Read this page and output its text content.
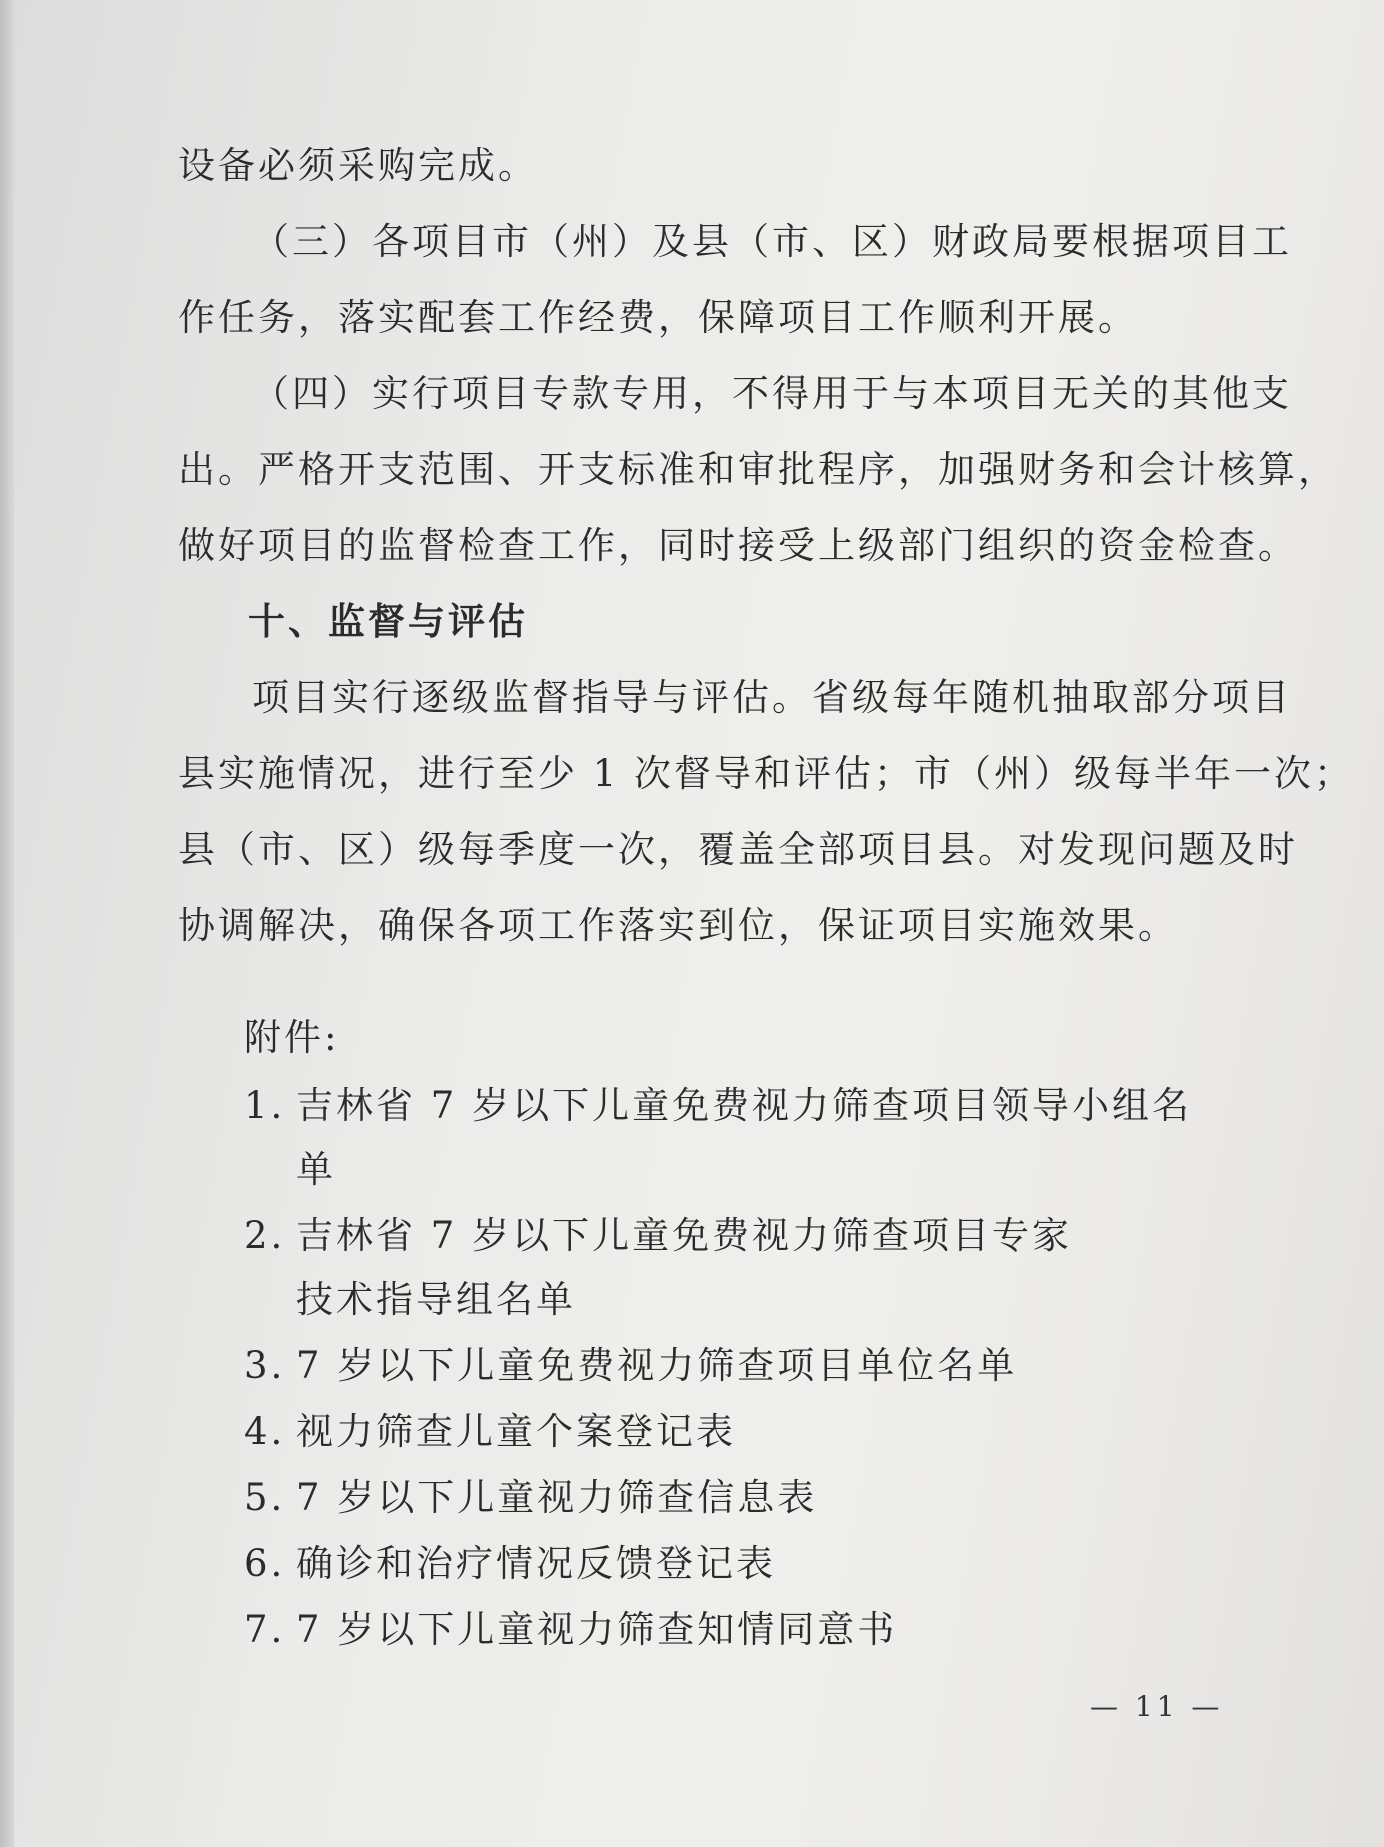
设备必须采购完成。
（三）各项目市（州）及县（市、区）财政局要根据项目工
作任务，落实配套工作经费，保障项目工作顺利开展。
（四）实行项目专款专用，不得用于与本项目无关的其他支
出。严格开支范围、开支标准和审批程序，加强财务和会计核算，
做好项目的监督检查工作，同时接受上级部门组织的资金检查。
十、监督与评估
项目实行逐级监督指导与评估。省级每年随机抽取部分项目
县实施情况，进行至少 1 次督导和评估；市（州）级每半年一次；
县（市、区）级每季度一次，覆盖全部项目县。对发现问题及时
协调解决，确保各项工作落实到位，保证项目实施效果。
附件:
1. 吉林省 7 岁以下儿童免费视力筛查项目领导小组名单
2. 吉林省 7 岁以下儿童免费视力筛查项目专家技术指导组名单
3. 7 岁以下儿童免费视力筛查项目单位名单
4. 视力筛查儿童个案登记表
5. 7 岁以下儿童视力筛查信息表
6. 确诊和治疗情况反馈登记表
7. 7 岁以下儿童视力筛查知情同意书
— 11 —
